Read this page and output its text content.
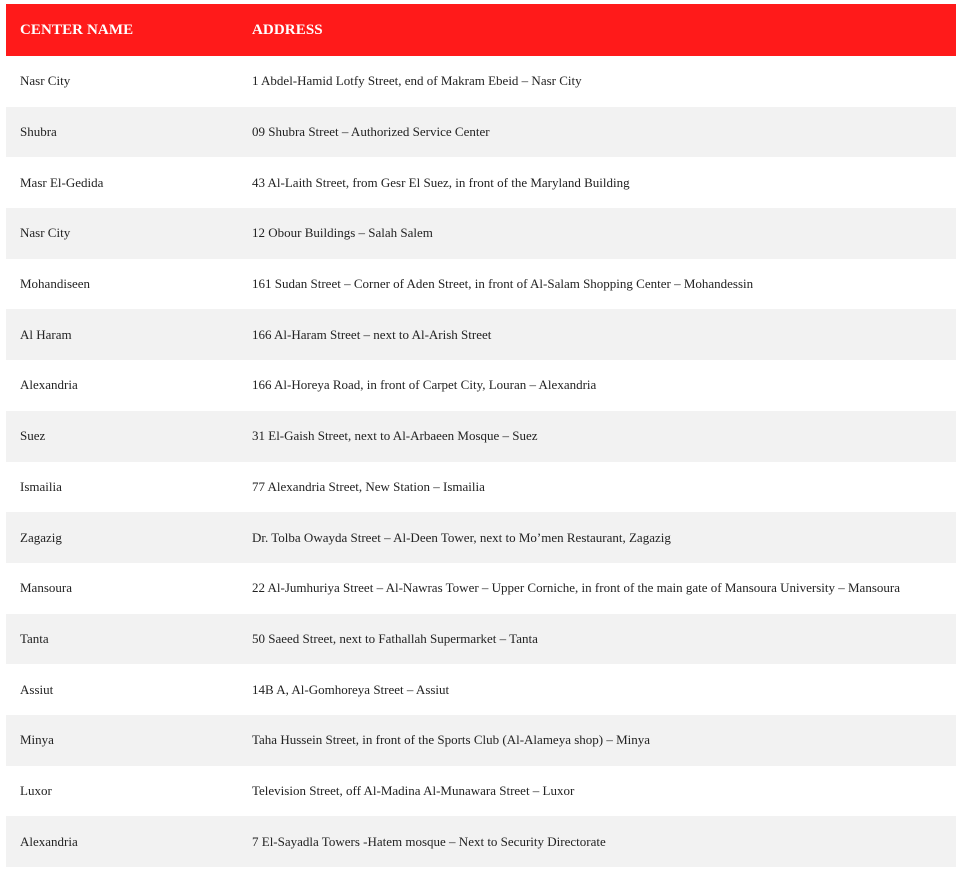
CENTER NAME	ADDRESS
Nasr City	1 Abdel-Hamid Lotfy Street, end of Makram Ebeid – Nasr City
Shubra	09 Shubra Street – Authorized Service Center
Masr El-Gedida	43 Al-Laith Street, from Gesr El Suez, in front of the Maryland Building
Nasr City	12 Obour Buildings – Salah Salem
Mohandiseen	161 Sudan Street – Corner of Aden Street, in front of Al-Salam Shopping Center – Mohandessin
Al Haram	166 Al-Haram Street – next to Al-Arish Street
Alexandria	166 Al-Horeya Road, in front of Carpet City, Louran – Alexandria
Suez	31 El-Gaish Street, next to Al-Arbaeen Mosque – Suez
Ismailia	77 Alexandria Street, New Station – Ismailia
Zagazig	Dr. Tolba Owayda Street – Al-Deen Tower, next to Mo’men Restaurant, Zagazig
Mansoura	22 Al-Jumhuriya Street – Al-Nawras Tower – Upper Corniche, in front of the main gate of Mansoura University – Mansoura
Tanta	50 Saeed Street, next to Fathallah Supermarket – Tanta
Assiut	14B A, Al-Gomhoreya Street – Assiut
Minya	Taha Hussein Street, in front of the Sports Club (Al-Alameya shop) – Minya
Luxor	Television Street, off Al-Madina Al-Munawara Street – Luxor
Alexandria	7 El-Sayadla Towers -Hatem mosque – Next to Security Directorate
